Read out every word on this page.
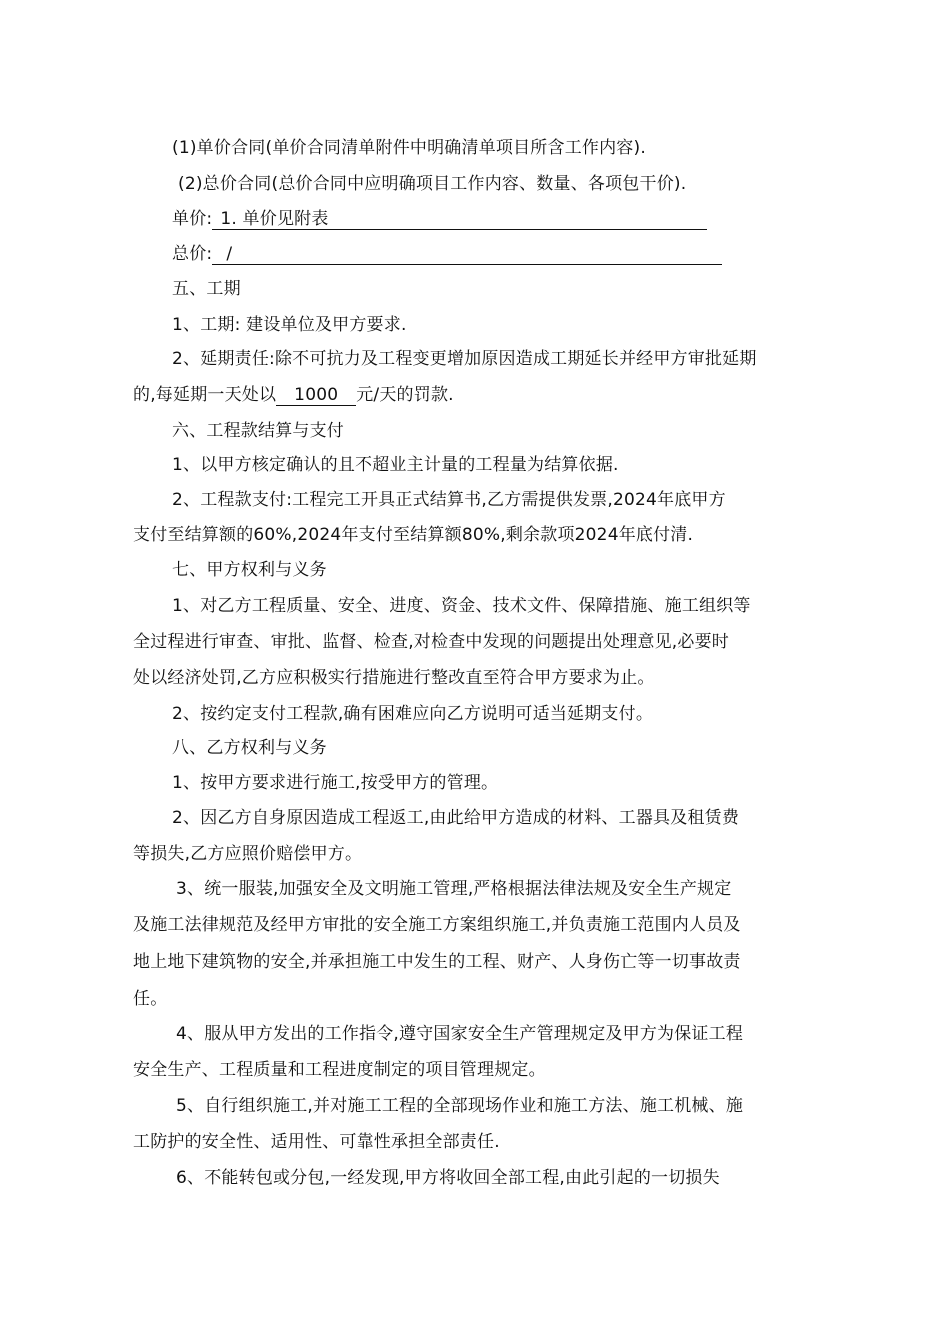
(1)单价合同(单价合同清单附件中明确清单项目所含工作内容).
(2)总价合同(总价合同中应明确项目工作内容、数量、各项包干价).
单价: 1. 单价见附表
总价: /
五、工期
1、工期: 建设单位及甲方要求.
2、延期责任:除不可抗力及工程变更增加原因造成工期延长并经甲方审批延期
的,每延期一天处以 1000 元/天的罚款.
六、工程款结算与支付
1、以甲方核定确认的且不超业主计量的工程量为结算依据.
2、工程款支付:工程完工开具正式结算书,乙方需提供发票,2024年底甲方
支付至结算额的60%,2024年支付至结算额80%,剩余款项2024年底付清.
七、甲方权利与义务
1、对乙方工程质量、安全、进度、资金、技术文件、保障措施、施工组织等
全过程进行审查、审批、监督、检查,对检查中发现的问题提出处理意见,必要时
处以经济处罚,乙方应积极实行措施进行整改直至符合甲方要求为止。
2、按约定支付工程款,确有困难应向乙方说明可适当延期支付。
八、乙方权利与义务
1、按甲方要求进行施工,按受甲方的管理。
2、因乙方自身原因造成工程返工,由此给甲方造成的材料、工器具及租赁费
等损失,乙方应照价赔偿甲方。
3、统一服装,加强安全及文明施工管理,严格根据法律法规及安全生产规定
及施工法律规范及经甲方审批的安全施工方案组织施工,并负责施工范围内人员及
地上地下建筑物的安全,并承担施工中发生的工程、财产、人身伤亡等一切事故责
任。
4、服从甲方发出的工作指令,遵守国家安全生产管理规定及甲方为保证工程
安全生产、工程质量和工程进度制定的项目管理规定。
5、自行组织施工,并对施工工程的全部现场作业和施工方法、施工机械、施
工防护的安全性、适用性、可靠性承担全部责任.
6、不能转包或分包,一经发现,甲方将收回全部工程,由此引起的一切损失
